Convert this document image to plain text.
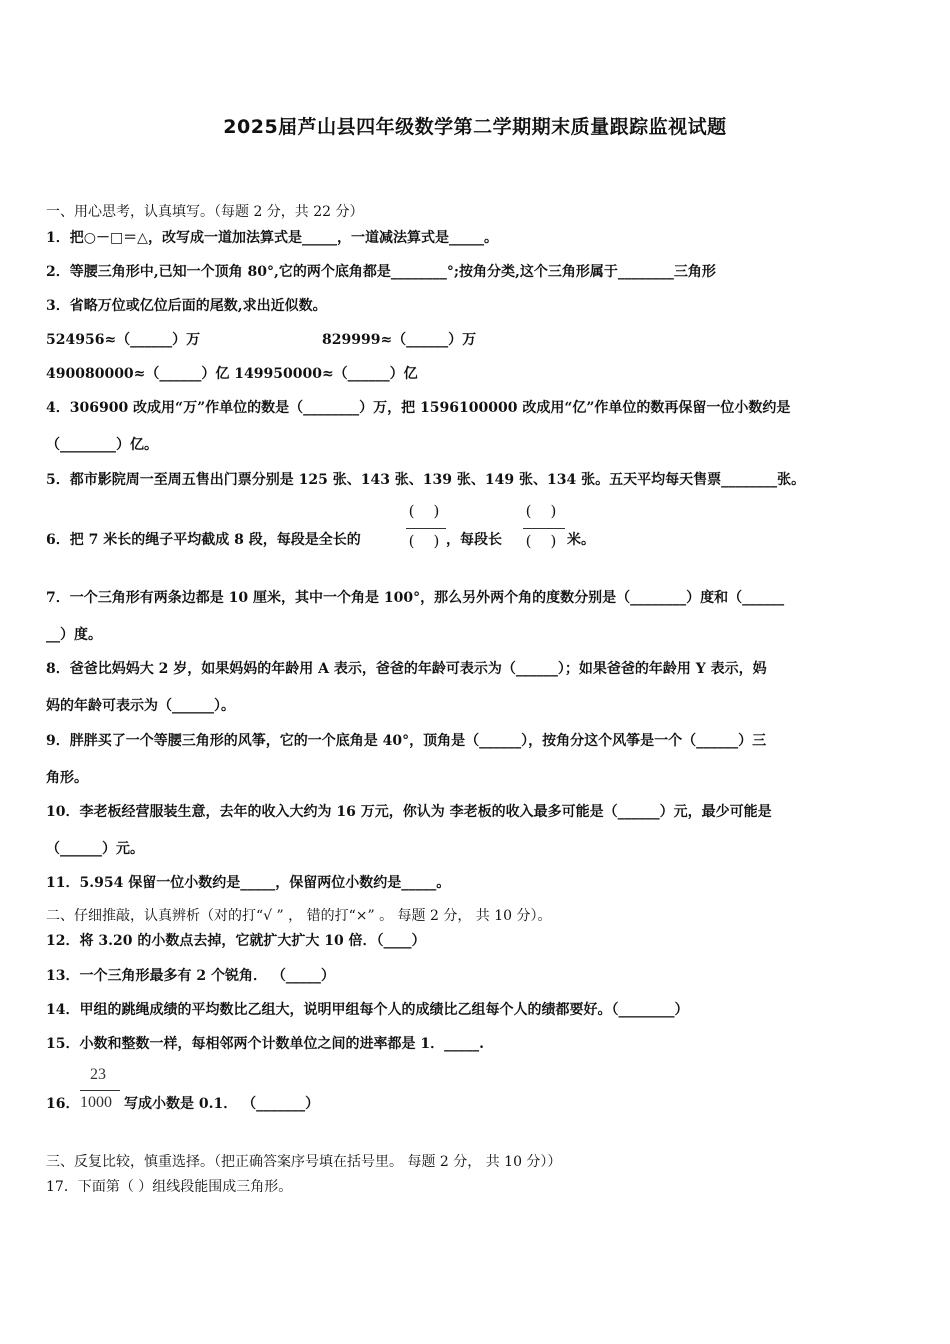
2025届芦山县四年级数学第二学期期末质量跟踪监视试题
一、用心思考，认真填写。（每题 2 分，共 22 分）
1．把○－□＝△，改写成一道加法算式是_____，一道减法算式是_____。
2．等腰三角形中,已知一个顶角 80°,它的两个底角都是________°;按角分类,这个三角形属于________三角形
3．省略万位或亿位后面的尾数,求出近似数。
524956≈（______）万	829999≈（______）万
490080000≈（______）亿 149950000≈（______）亿
4．306900 改成用“万”作单位的数是（________）万，把 1596100000 改成用“亿”作单位的数再保留一位小数约是
（________）亿。
5．都市影院周一至周五售出门票分别是 125 张、143 张、139 张、149 张、134 张。五天平均每天售票________张。
6．把 7 米长的绳子平均截成 8 段，每段是全长的
( )
( ) ，每段长
( )
( ) 米。
7．一个三角形有两条边都是 10 厘米，其中一个角是 100°，那么另外两个角的度数分别是（________）度和（______
__）度。
8．爸爸比妈妈大 2 岁，如果妈妈的年龄用 A 表示，爸爸的年龄可表示为（______）；如果爸爸的年龄用 Y 表示，妈
妈的年龄可表示为（______）。
9．胖胖买了一个等腰三角形的风筝，它的一个底角是 40°，顶角是（______），按角分这个风筝是一个（______）三
角形。
10．李老板经营服装生意，去年的收入大约为 16 万元，你认为 李老板的收入最多可能是（______）元，最少可能是
（______）元。
11．5.954 保留一位小数约是_____，保留两位小数约是_____。
二、仔细推敲，认真辨析（对的打“√ ” ， 错的打“×” 。 每题 2 分， 共 10 分）。
12．将 3.20 的小数点去掉，它就扩大扩大 10 倍．（____）
13．一个三角形最多有 2 个锐角． （_____）
14．甲组的跳绳成绩的平均数比乙组大，说明甲组每个人的成绩比乙组每个人的绩都要好。（________）
15．小数和整数一样，每相邻两个计数单位之间的进率都是 1．_____.
16．
23
1000 写成小数是 0.1． （_______）
三、反复比较，慎重选择。（把正确答案序号填在括号里。 每题 2 分， 共 10 分））
17．下面第（ ）组线段能围成三角形。
